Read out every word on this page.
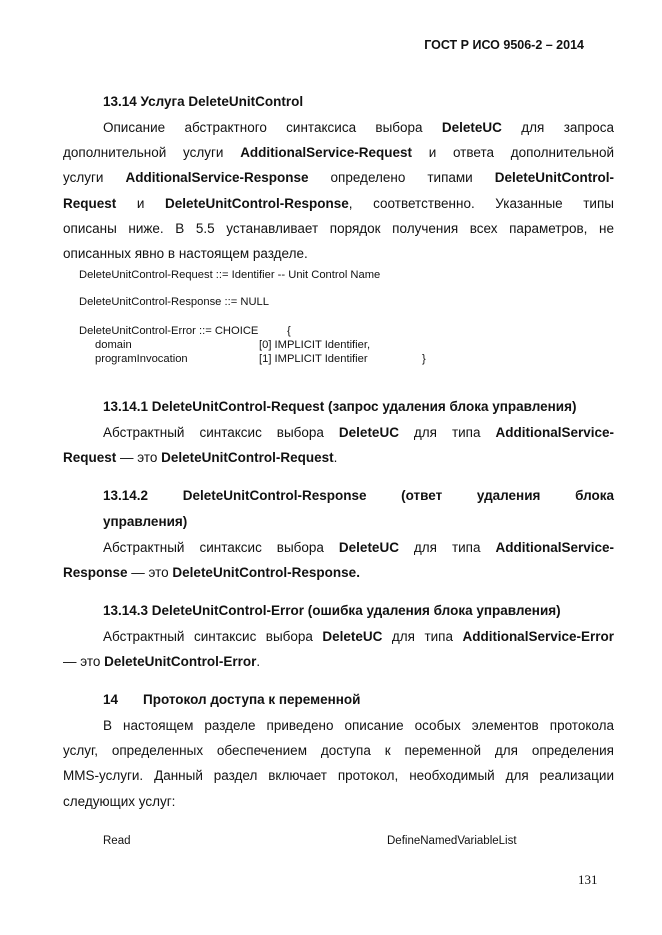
ГОСТ Р ИСО 9506-2 – 2014
13.14 Услуга DeleteUnitControl
Описание абстрактного синтаксиса выбора DeleteUC для запроса
дополнительной услуги AdditionalService-Request и ответа дополнительной
услуги AdditionalService-Response определено типами DeleteUnitControl-
Request и DeleteUnitControl-Response, соответственно. Указанные типы
описаны ниже. В 5.5 устанавливает порядок получения всех параметров, не
описанных явно в настоящем разделе.
DeleteUnitControl-Request ::= Identifier -- Unit Control Name
DeleteUnitControl-Response ::= NULL
DeleteUnitControl-Error ::= CHOICE	{
domain	[0] IMPLICIT Identifier,
programInvocation	[1] IMPLICIT Identifier	}
13.14.1 DeleteUnitControl-Request (запрос удаления блока управления)
Абстрактный синтаксис выбора DeleteUC для типа AdditionalService-
Request — это DeleteUnitControl-Request.
13.14.2 DeleteUnitControl-Response	(ответ	удаления	блока
управления)
Абстрактный синтаксис выбора DeleteUC для типа AdditionalService-
Response — это DeleteUnitControl-Response.
13.14.3 DeleteUnitControl-Error (ошибка удаления блока управления)
Абстрактный синтаксис выбора DeleteUC для типа AdditionalService-Error
— это DeleteUnitControl-Error.
14 Протокол доступа к переменной
В настоящем разделе приведено описание особых элементов протокола
услуг, определенных обеспечением доступа к переменной для определения
MMS-услуги. Данный раздел включает протокол, необходимый для реализации
следующих услуг:
Read	DefineNamedVariableList
131
